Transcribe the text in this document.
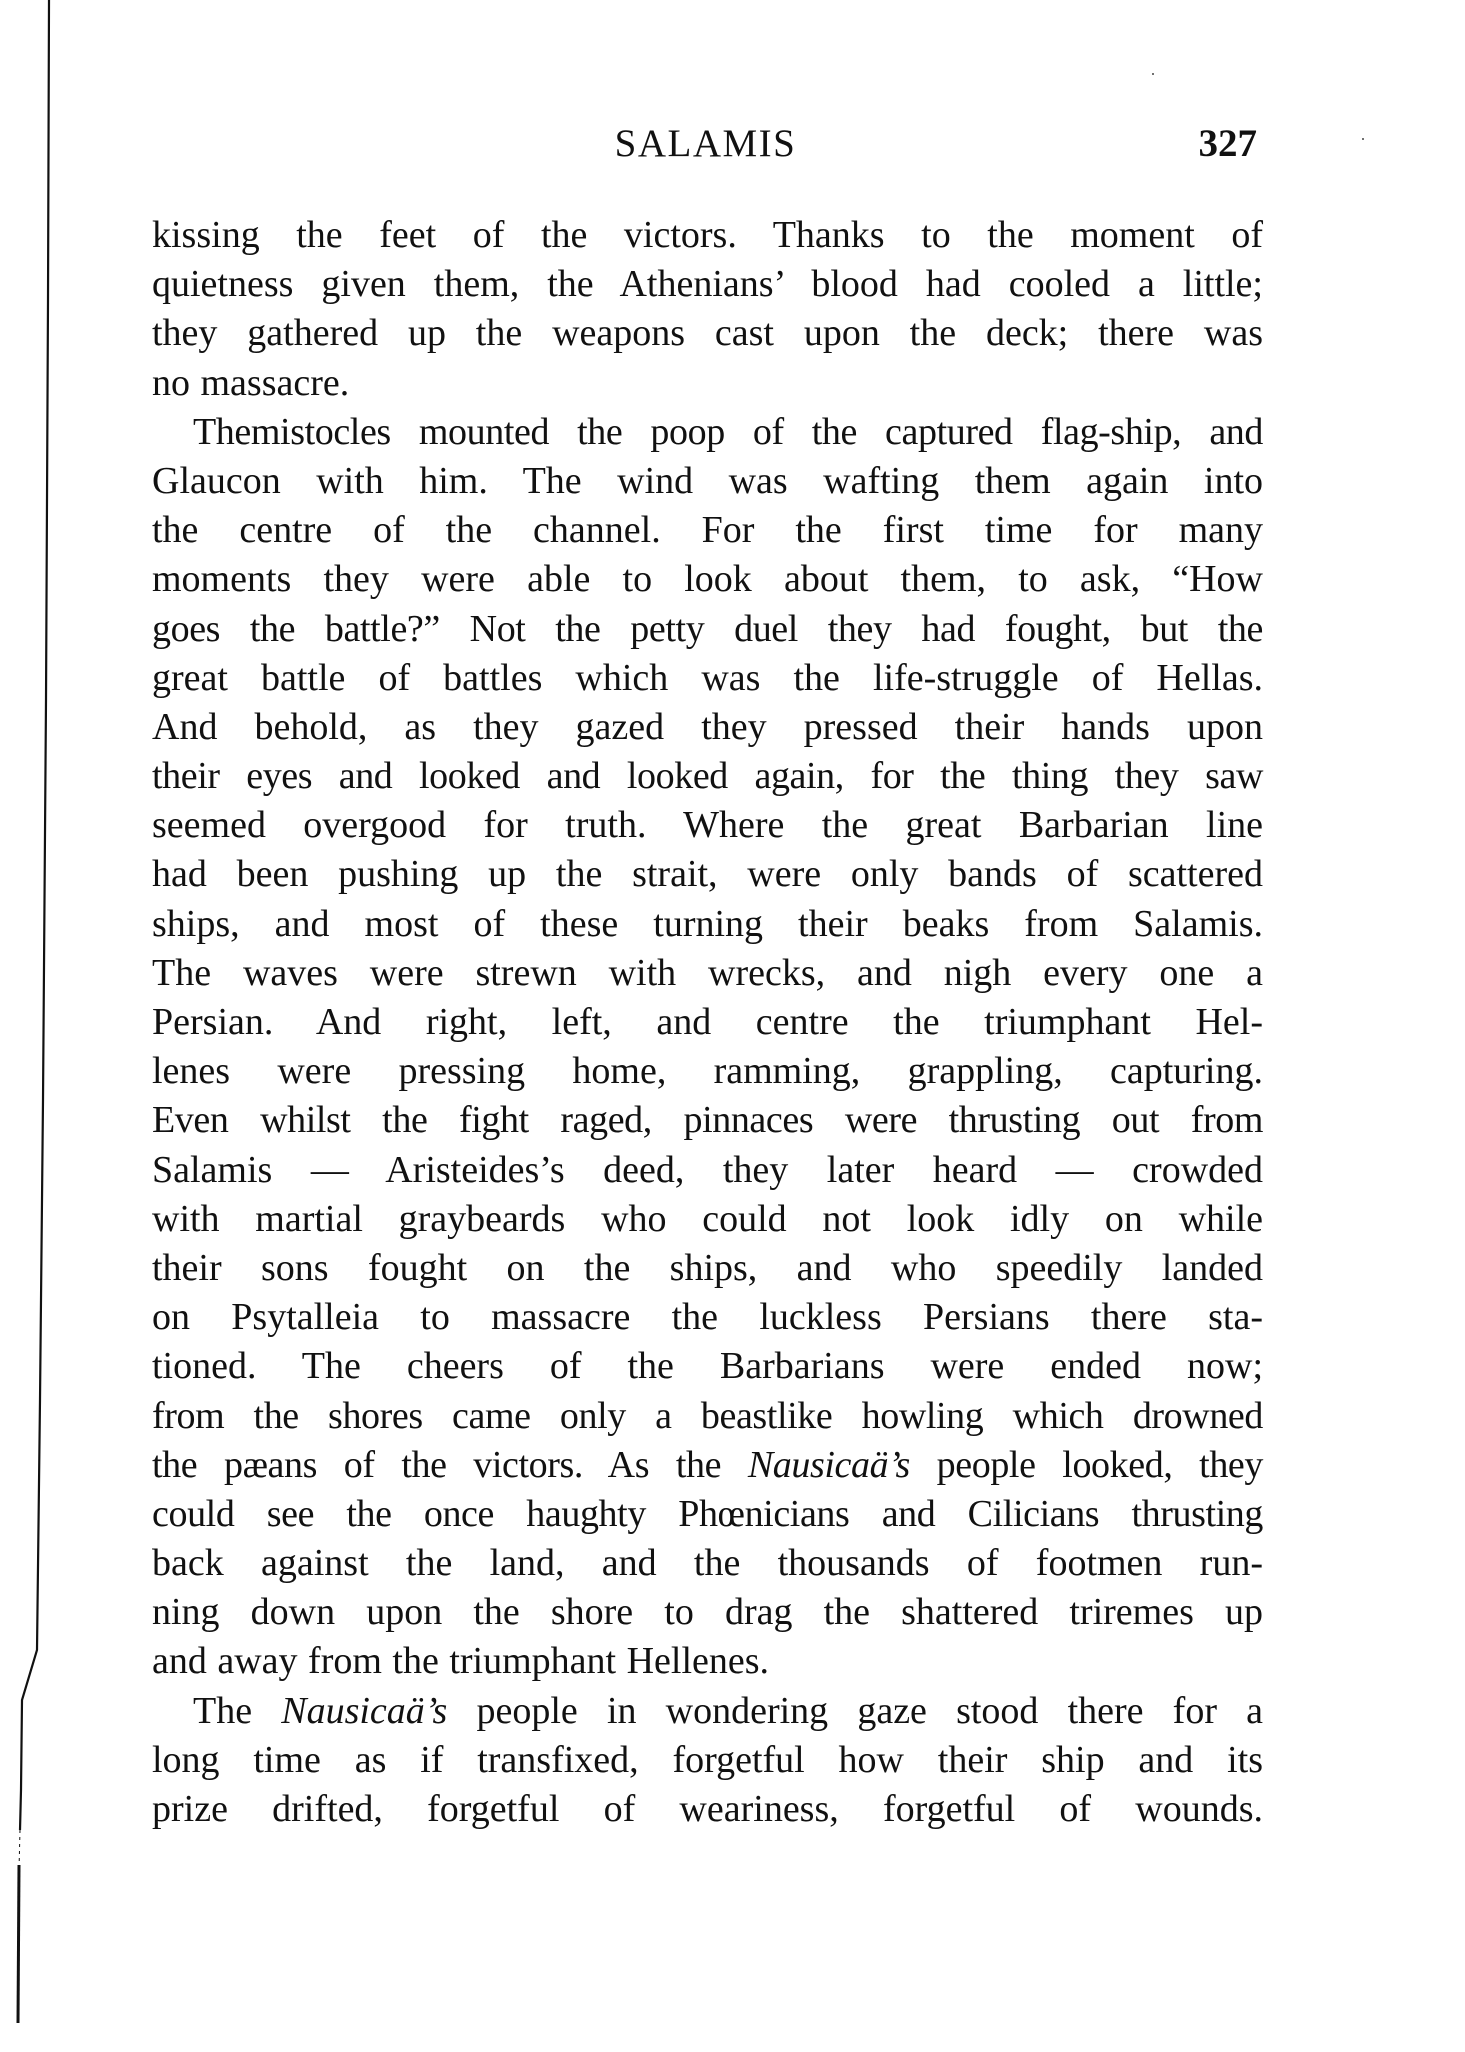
SALAMIS	327
kissing the feet of the victors. Thanks to the moment of
quietness given them, the Athenians’ blood had cooled a little;
they gathered up the weapons cast upon the deck; there was
no massacre.
Themistocles mounted the poop of the captured flag-ship, and
Glaucon with him. The wind was wafting them again into
the centre of the channel. For the first time for many
moments they were able to look about them, to ask, “How
goes the battle?” Not the petty duel they had fought, but the
great battle of battles which was the life-struggle of Hellas.
And behold, as they gazed they pressed their hands upon
their eyes and looked and looked again, for the thing they saw
seemed overgood for truth. Where the great Barbarian line
had been pushing up the strait, were only bands of scattered
ships, and most of these turning their beaks from Salamis.
The waves were strewn with wrecks, and nigh every one a
Persian. And right, left, and centre the triumphant Hel-
lenes were pressing home, ramming, grappling, capturing.
Even whilst the fight raged, pinnaces were thrusting out from
Salamis — Aristeides’s deed, they later heard — crowded
with martial graybeards who could not look idly on while
their sons fought on the ships, and who speedily landed
on Psytalleia to massacre the luckless Persians there sta-
tioned. The cheers of the Barbarians were ended now;
from the shores came only a beastlike howling which drowned
the pæans of the victors. As the Nausicaä’s people looked, they
could see the once haughty Phœnicians and Cilicians thrusting
back against the land, and the thousands of footmen run-
ning down upon the shore to drag the shattered triremes up
and away from the triumphant Hellenes.
The Nausicaä’s people in wondering gaze stood there for a
long time as if transfixed, forgetful how their ship and its
prize drifted, forgetful of weariness, forgetful of wounds.
